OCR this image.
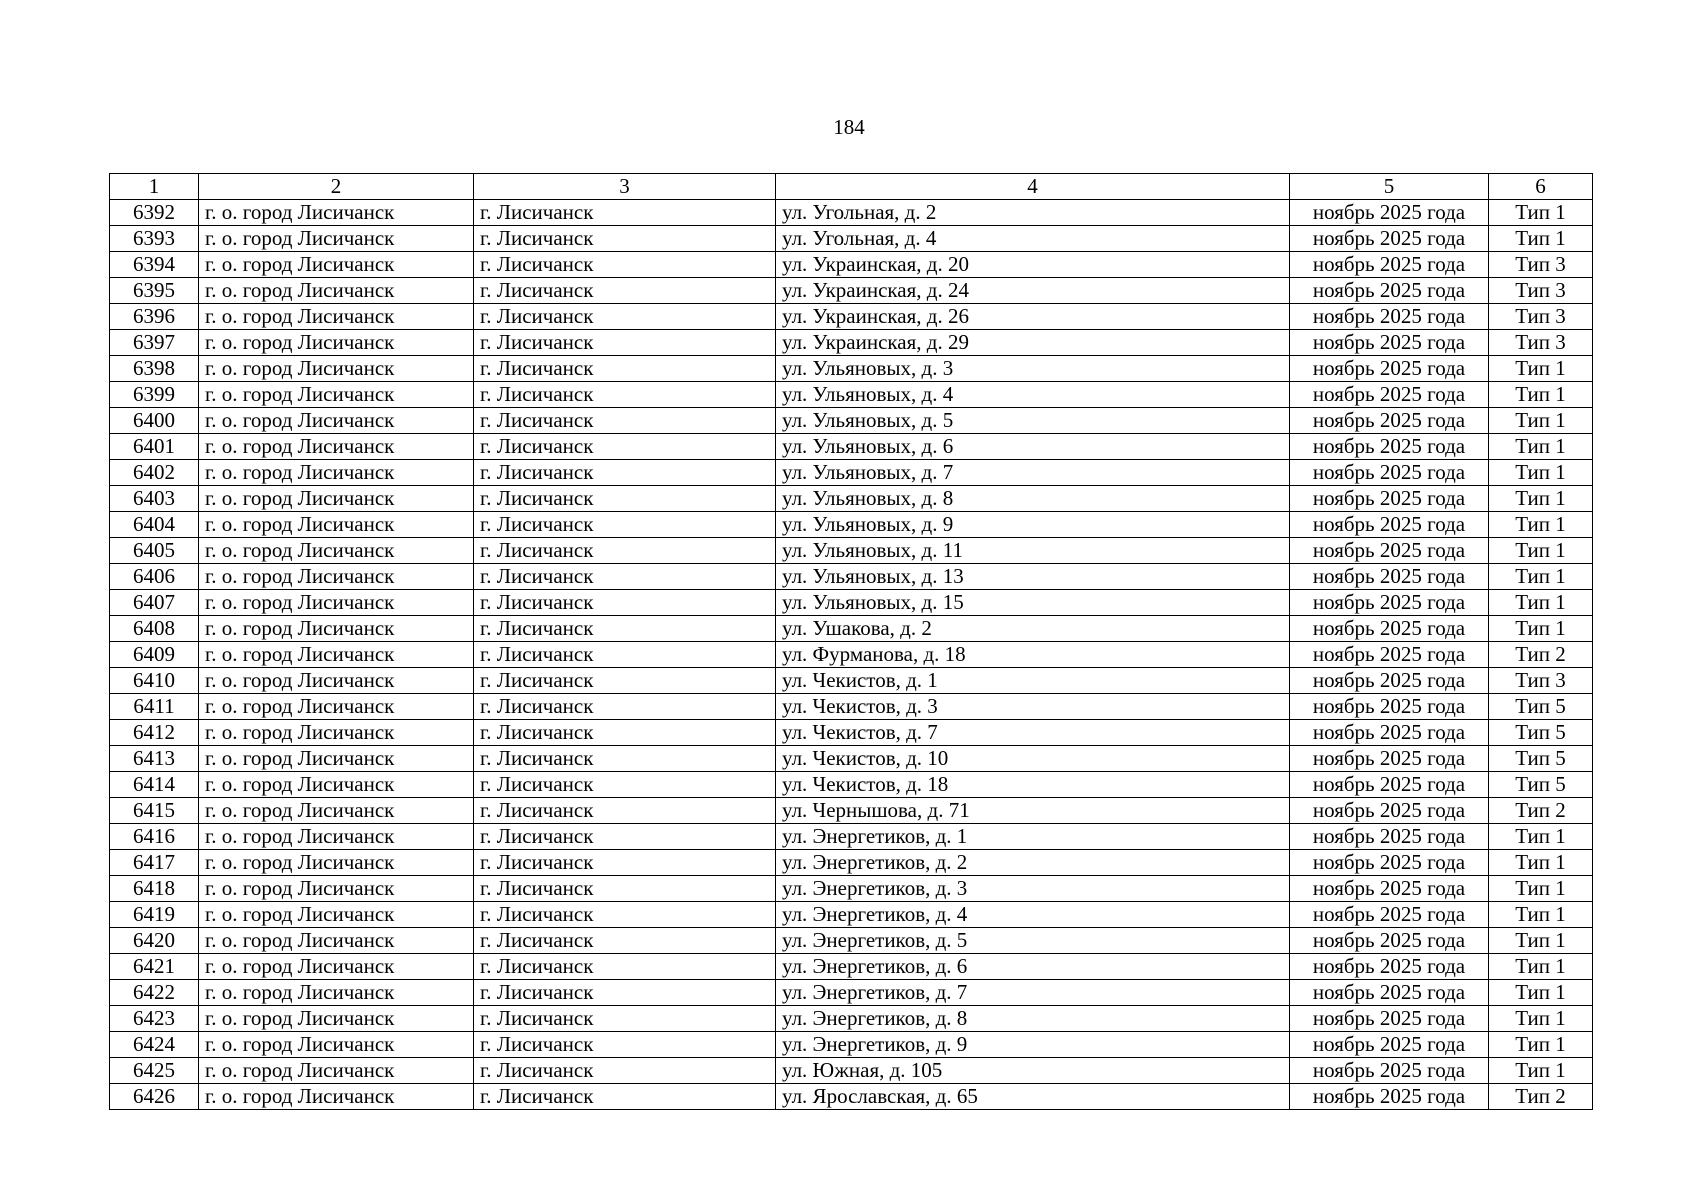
184
1	2	3	4	5	6
6392	г. о. город Лисичанск	г. Лисичанск	ул. Угольная, д. 2	ноябрь 2025 года	Тип 1
6393	г. о. город Лисичанск	г. Лисичанск	ул. Угольная, д. 4	ноябрь 2025 года	Тип 1
6394	г. о. город Лисичанск	г. Лисичанск	ул. Украинская, д. 20	ноябрь 2025 года	Тип 3
6395	г. о. город Лисичанск	г. Лисичанск	ул. Украинская, д. 24	ноябрь 2025 года	Тип 3
6396	г. о. город Лисичанск	г. Лисичанск	ул. Украинская, д. 26	ноябрь 2025 года	Тип 3
6397	г. о. город Лисичанск	г. Лисичанск	ул. Украинская, д. 29	ноябрь 2025 года	Тип 3
6398	г. о. город Лисичанск	г. Лисичанск	ул. Ульяновых, д. 3	ноябрь 2025 года	Тип 1
6399	г. о. город Лисичанск	г. Лисичанск	ул. Ульяновых, д. 4	ноябрь 2025 года	Тип 1
6400	г. о. город Лисичанск	г. Лисичанск	ул. Ульяновых, д. 5	ноябрь 2025 года	Тип 1
6401	г. о. город Лисичанск	г. Лисичанск	ул. Ульяновых, д. 6	ноябрь 2025 года	Тип 1
6402	г. о. город Лисичанск	г. Лисичанск	ул. Ульяновых, д. 7	ноябрь 2025 года	Тип 1
6403	г. о. город Лисичанск	г. Лисичанск	ул. Ульяновых, д. 8	ноябрь 2025 года	Тип 1
6404	г. о. город Лисичанск	г. Лисичанск	ул. Ульяновых, д. 9	ноябрь 2025 года	Тип 1
6405	г. о. город Лисичанск	г. Лисичанск	ул. Ульяновых, д. 11	ноябрь 2025 года	Тип 1
6406	г. о. город Лисичанск	г. Лисичанск	ул. Ульяновых, д. 13	ноябрь 2025 года	Тип 1
6407	г. о. город Лисичанск	г. Лисичанск	ул. Ульяновых, д. 15	ноябрь 2025 года	Тип 1
6408	г. о. город Лисичанск	г. Лисичанск	ул. Ушакова, д. 2	ноябрь 2025 года	Тип 1
6409	г. о. город Лисичанск	г. Лисичанск	ул. Фурманова, д. 18	ноябрь 2025 года	Тип 2
6410	г. о. город Лисичанск	г. Лисичанск	ул. Чекистов, д. 1	ноябрь 2025 года	Тип 3
6411	г. о. город Лисичанск	г. Лисичанск	ул. Чекистов, д. 3	ноябрь 2025 года	Тип 5
6412	г. о. город Лисичанск	г. Лисичанск	ул. Чекистов, д. 7	ноябрь 2025 года	Тип 5
6413	г. о. город Лисичанск	г. Лисичанск	ул. Чекистов, д. 10	ноябрь 2025 года	Тип 5
6414	г. о. город Лисичанск	г. Лисичанск	ул. Чекистов, д. 18	ноябрь 2025 года	Тип 5
6415	г. о. город Лисичанск	г. Лисичанск	ул. Чернышова, д. 71	ноябрь 2025 года	Тип 2
6416	г. о. город Лисичанск	г. Лисичанск	ул. Энергетиков, д. 1	ноябрь 2025 года	Тип 1
6417	г. о. город Лисичанск	г. Лисичанск	ул. Энергетиков, д. 2	ноябрь 2025 года	Тип 1
6418	г. о. город Лисичанск	г. Лисичанск	ул. Энергетиков, д. 3	ноябрь 2025 года	Тип 1
6419	г. о. город Лисичанск	г. Лисичанск	ул. Энергетиков, д. 4	ноябрь 2025 года	Тип 1
6420	г. о. город Лисичанск	г. Лисичанск	ул. Энергетиков, д. 5	ноябрь 2025 года	Тип 1
6421	г. о. город Лисичанск	г. Лисичанск	ул. Энергетиков, д. 6	ноябрь 2025 года	Тип 1
6422	г. о. город Лисичанск	г. Лисичанск	ул. Энергетиков, д. 7	ноябрь 2025 года	Тип 1
6423	г. о. город Лисичанск	г. Лисичанск	ул. Энергетиков, д. 8	ноябрь 2025 года	Тип 1
6424	г. о. город Лисичанск	г. Лисичанск	ул. Энергетиков, д. 9	ноябрь 2025 года	Тип 1
6425	г. о. город Лисичанск	г. Лисичанск	ул. Южная, д. 105	ноябрь 2025 года	Тип 1
6426	г. о. город Лисичанск	г. Лисичанск	ул. Ярославская, д. 65	ноябрь 2025 года	Тип 2
